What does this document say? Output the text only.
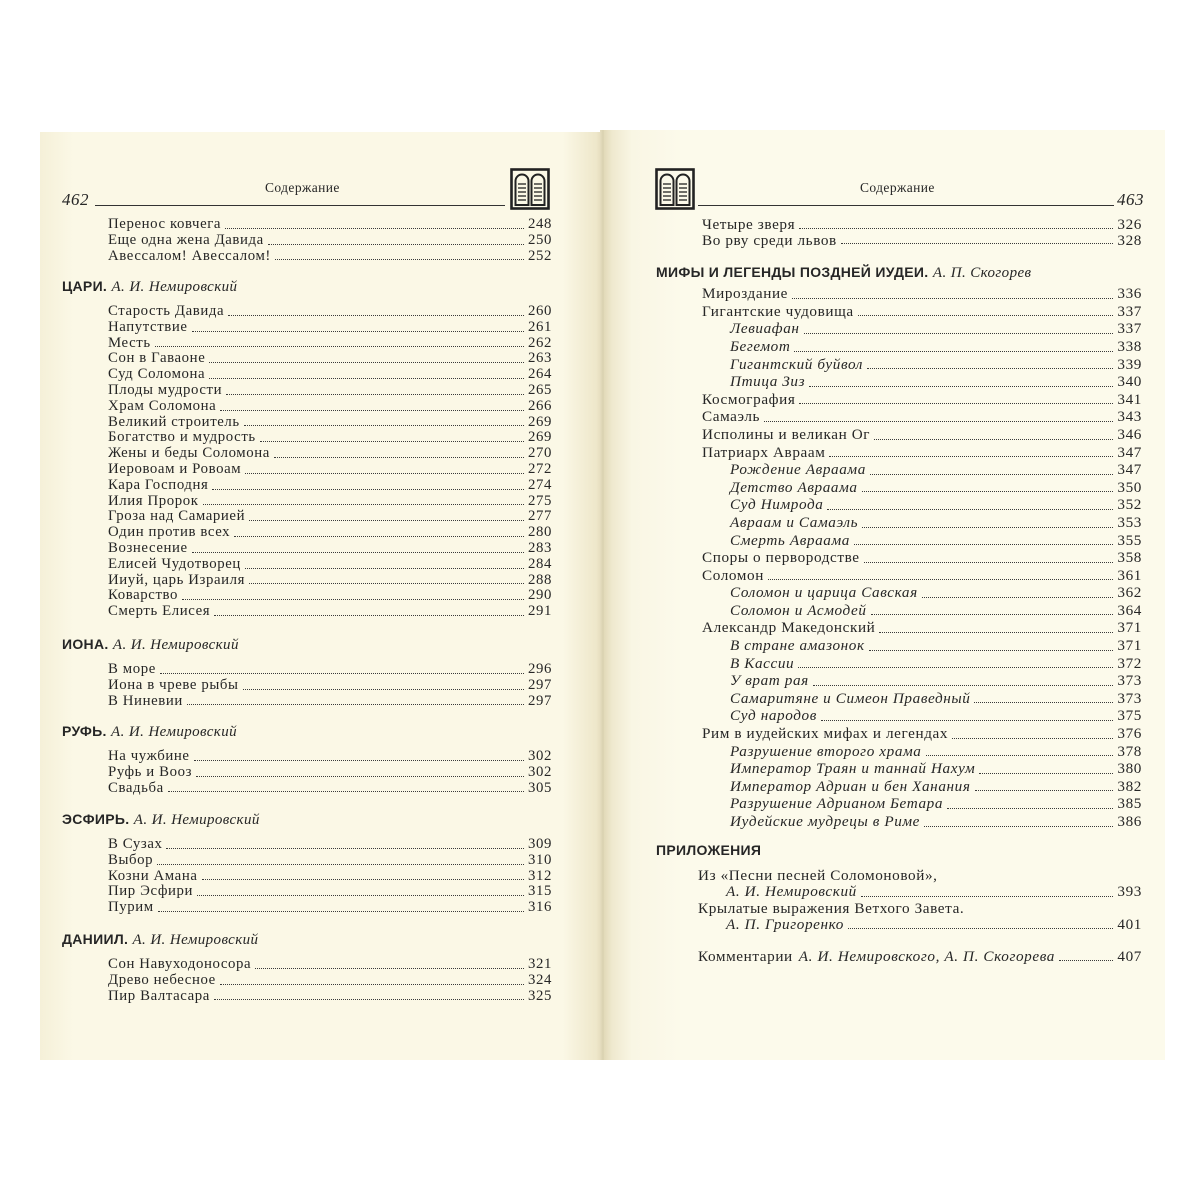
462
Содержание
Перенос ковчега	248
Еще одна жена Давида	250
Авессалом! Авессалом!	252
ЦАРИ. А. И. Немировский
Старость Давида	260
Напутствие	261
Месть	262
Сон в Гаваоне	263
Суд Соломона	264
Плоды мудрости	265
Храм Соломона	266
Великий строитель	269
Богатство и мудрость	269
Жены и беды Соломона	270
Иеровоам и Ровоам	272
Кара Господня	274
Илия Пророк	275
Гроза над Самарией	277
Один против всех	280
Вознесение	283
Елисей Чудотворец	284
Ииуй, царь Израиля	288
Коварство	290
Смерть Елисея	291
ИОНА. А. И. Немировский
В море	296
Иона в чреве рыбы	297
В Ниневии	297
РУФЬ. А. И. Немировский
На чужбине	302
Руфь и Вооз	302
Свадьба	305
ЭСФИРЬ. А. И. Немировский
В Сузах	309
Выбор	310
Козни Амана	312
Пир Эсфири	315
Пурим	316
ДАНИИЛ. А. И. Немировский
Сон Навуходоносора	321
Древо небесное	324
Пир Валтасара	325
Содержание
463
Четыре зверя	326
Во рву среди львов	328
МИФЫ И ЛЕГЕНДЫ ПОЗДНЕЙ ИУДЕИ. А. П. Скогорев
Мироздание	336
Гигантские чудовища	337
Левиафан	337
Бегемот	338
Гигантский буйвол	339
Птица Зиз	340
Космография	341
Самаэль	343
Исполины и великан Ог	346
Патриарх Авраам	347
Рождение Авраама	347
Детство Авраама	350
Суд Нимрода	352
Авраам и Самаэль	353
Смерть Авраама	355
Споры о первородстве	358
Соломон	361
Соломон и царица Савская	362
Соломон и Асмодей	364
Александр Македонский	371
В стране амазонок	371
В Кассии	372
У врат рая	373
Самаритяне и Симеон Праведный	373
Суд народов	375
Рим в иудейских мифах и легендах	376
Разрушение второго храма	378
Император Траян и таннай Нахум	380
Император Адриан и бен Ханания	382
Разрушение Адрианом Бетара	385
Иудейские мудрецы в Риме	386
ПРИЛОЖЕНИЯ
Из «Песни песней Соломоновой»,
А. И. Немировский	393
Крылатые выражения Ветхого Завета.
А. П. Григоренко	401
Комментарии А. И. Немировского, А. П. Скогорева	407
